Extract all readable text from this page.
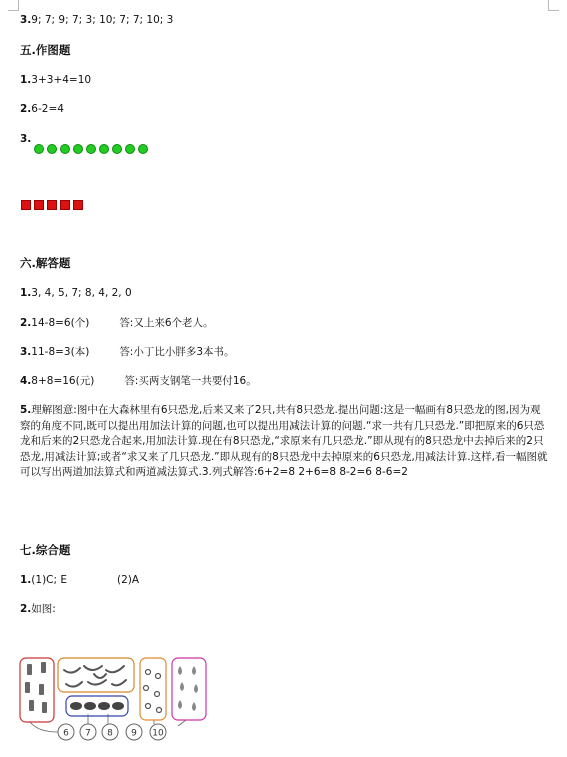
3.9; 7; 9; 7; 3; 10; 7; 7; 10; 3
五.作图题
1.3+3+4=10
2.6-2=4
3.
六.解答题
1.3, 4, 5, 7; 8, 4, 2, 0
2.14-8=6(个)	答:又上来6个老人。
3.11-8=3(本)	答:小丁比小胖多3本书。
4.8+8=16(元)	答:买两支钢笔一共要付16。
5.理解图意:图中在大森林里有6只恐龙,后来又来了2只,共有8只恐龙.提出问题:这是一幅画有8只恐龙的图,因为观察的角度不同,既可以提出用加法计算的问题,也可以提出用减法计算的问题.“求一共有几只恐龙.”即把原来的6只恐龙和后来的2只恐龙合起来,用加法计算.现在有8只恐龙,“求原来有几只恐龙.”即从现有的8只恐龙中去掉后来的2只恐龙,用减法计算;或者“求又来了几只恐龙.”即从现有的8只恐龙中去掉原来的6只恐龙,用减法计算.这样,看一幅图就可以写出两道加法算式和两道减法算式.3.列式解答:6+2=8 2+6=8 8-2=6 8-6=2
七.综合题
1.(1)C; E	(2)A
2.如图:
6 7 8 9 10
